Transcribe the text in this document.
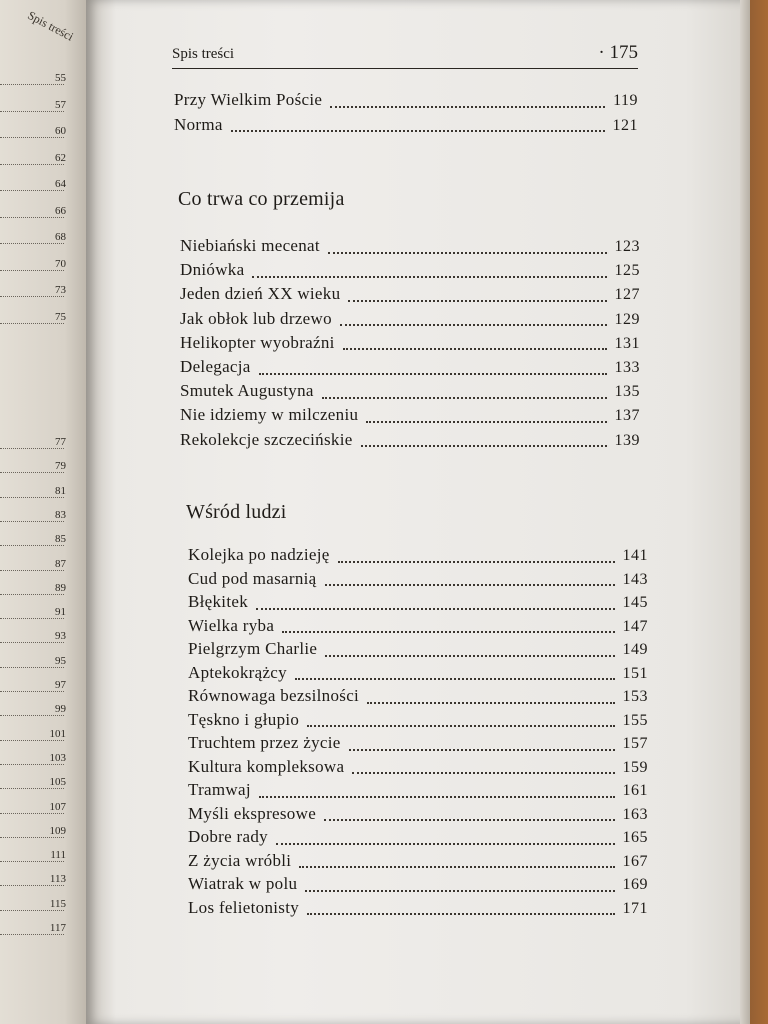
Spis treści
55
57
60
62
64
66
68
70
73
75
77
79
81
83
85
87
89
91
93
95
97
99
101
103
105
107
109
111
113
115
117
Spis treści	· 175
Przy Wielkim Poście	119
Norma	121
Co trwa co przemija
Niebiański mecenat	123
Dniówka	125
Jeden dzień XX wieku	127
Jak obłok lub drzewo	129
Helikopter wyobraźni	131
Delegacja	133
Smutek Augustyna	135
Nie idziemy w milczeniu	137
Rekolekcje szczecińskie	139
Wśród ludzi
Kolejka po nadzieję	141
Cud pod masarnią	143
Błękitek	145
Wielka ryba	147
Pielgrzym Charlie	149
Aptekokrążcy	151
Równowaga bezsilności	153
Tęskno i głupio	155
Truchtem przez życie	157
Kultura kompleksowa	159
Tramwaj	161
Myśli ekspresowe	163
Dobre rady	165
Z życia wróbli	167
Wiatrak w polu	169
Los felietonisty	171
